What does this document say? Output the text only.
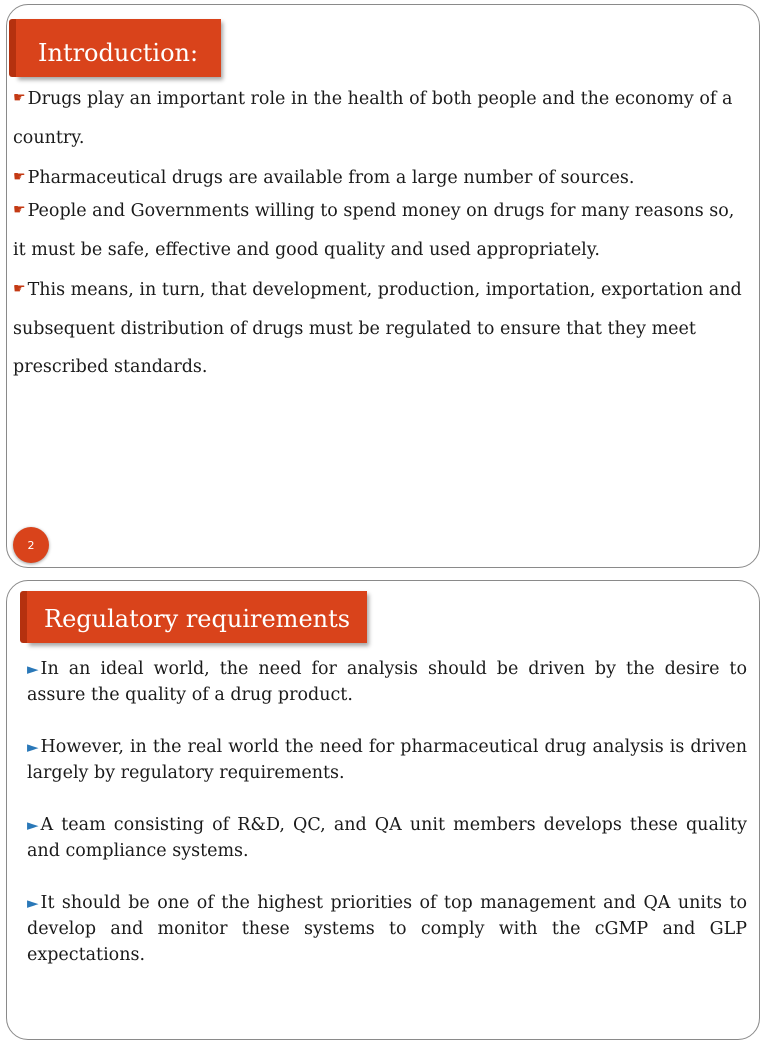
Introduction:

☛ Drugs play an important role in the health of both people and the economy of a country.

☛ Pharmaceutical drugs are available from a large number of sources.

☛ People and Governments willing to spend money on drugs for many reasons so, it must be safe, effective and good quality and used appropriately.

☛ This means, in turn, that development, production, importation, exportation and subsequent distribution of drugs must be regulated to ensure that they meet prescribed standards.

2
Regulatory requirements

► In an ideal world, the need for analysis should be driven by the desire to assure the quality of a drug product.

► However, in the real world the need for pharmaceutical drug analysis is driven largely by regulatory requirements.

► A team consisting of R&D, QC, and QA unit members develops these quality and compliance systems.

► It should be one of the highest priorities of top management and QA units to develop and monitor these systems to comply with the cGMP and GLP expectations.
